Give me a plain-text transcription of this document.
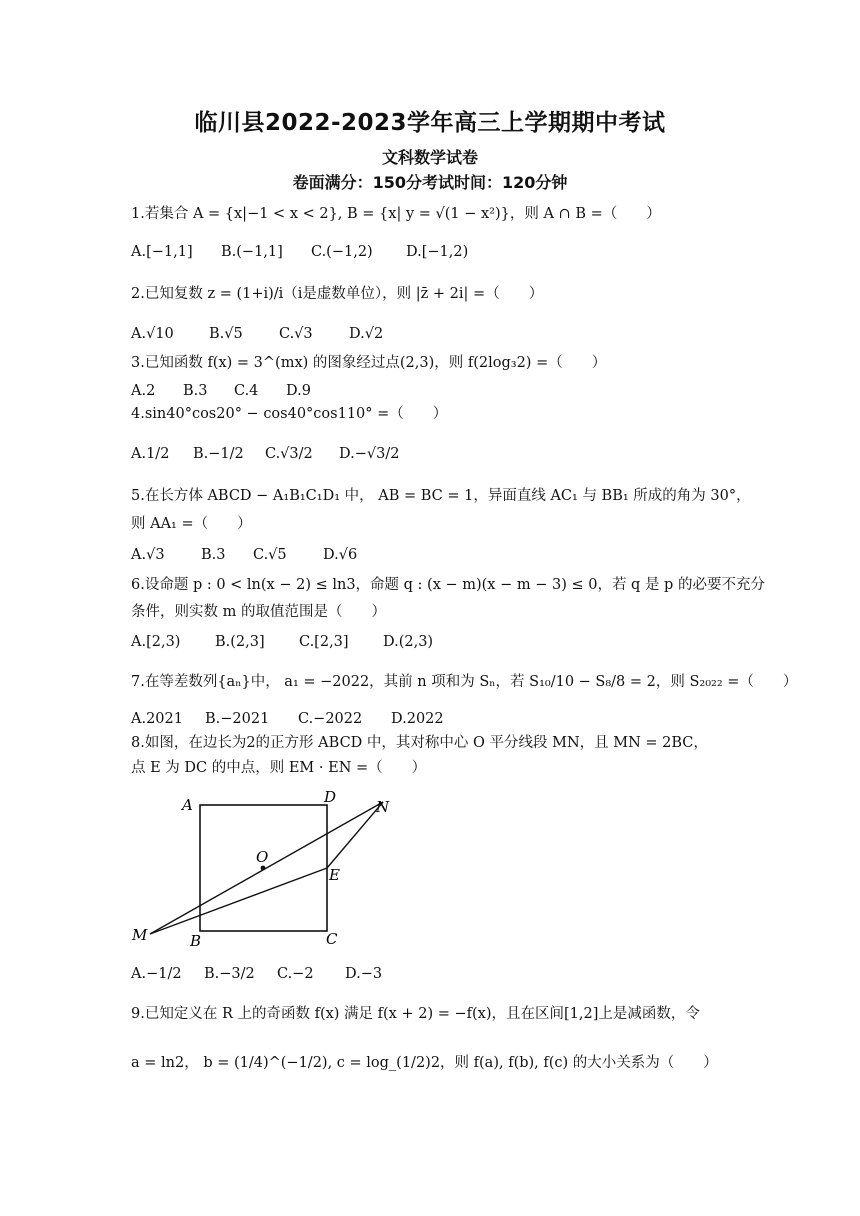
临川县2022-2023学年高三上学期期中考试
文科数学试卷
卷面满分：150分考试时间：120分钟
1.若集合 A = {x|−1 < x < 2}, B = {x| y = √(1 − x²)}，则 A ∩ B =（　　）
A.[−1,1] B.(−1,1] C.(−1,2) D.[−1,2)
2.已知复数 z = (1+i)/i（i是虚数单位），则 |z̄ + 2i| =（　　）
A.√10 B.√5	C.√3	D.√2
3.已知函数 f(x) = 3^(mx) 的图象经过点(2,3)，则 f(2log₃2) =（　　）
A.2 B.3 C.4 D.9
4.sin40°cos20° − cos40°cos110° =（　　）
A.1/2 B.−1/2 C.√3/2 D.−√3/2
5.在长方体 ABCD − A₁B₁C₁D₁ 中， AB = BC = 1，异面直线 AC₁ 与 BB₁ 所成的角为 30°，
则 AA₁ =（　　）
A.√3	B.3 C.√5	D.√6
6.设命题 p : 0 < ln(x − 2) ≤ ln3，命题 q : (x − m)(x − m − 3) ≤ 0，若 q 是 p 的必要不充分
条件，则实数 m 的取值范围是（　　）
A.[2,3) B.(2,3] C.[2,3] D.(2,3)
7.在等差数列{aₙ}中， a₁ = −2022，其前 n 项和为 Sₙ，若 S₁₀/10 − S₈/8 = 2，则 S₂₀₂₂ =（　　）
A.2021 B.−2021 C.−2022 D.2022
8.如图，在边长为2的正方形 ABCD 中，其对称中心 O 平分线段 MN，且 MN = 2BC，
点 E 为 DC 的中点，则 EM · EN =（　　）
A	D
N
O
E
M	B	C
A.−1/2 B.−3/2 C.−2 D.−3
9.已知定义在 R 上的奇函数 f(x) 满足 f(x + 2) = −f(x)，且在区间[1,2]上是减函数，令
a = ln2， b = (1/4)^(−1/2), c = log_(1/2)2，则 f(a), f(b), f(c) 的大小关系为（　　）
